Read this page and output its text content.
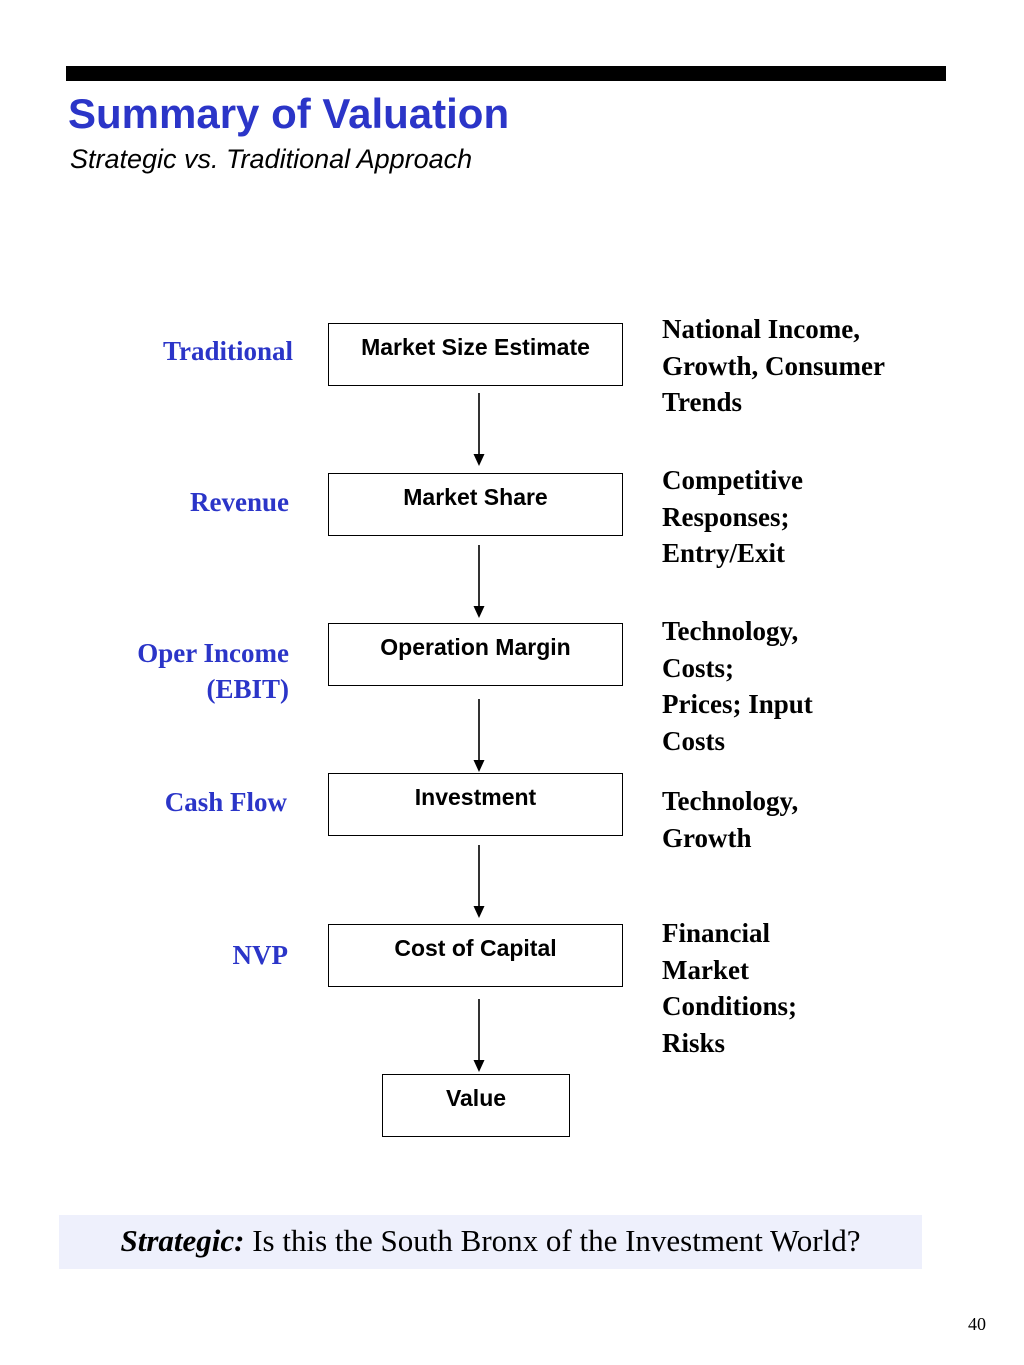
Summary of Valuation
Strategic vs. Traditional Approach
Traditional
Revenue
Oper Income
(EBIT)
Cash Flow
NVP
Market Size Estimate
Market Share
Operation Margin
Investment
Cost of Capital
Value
National Income,
Growth, Consumer
Trends
Competitive
Responses;
Entry/Exit
Technology,
Costs;
Prices; Input
Costs
Technology,
Growth
Financial
Market
Conditions;
Risks
Strategic: Is this the South Bronx of the Investment World?
40
